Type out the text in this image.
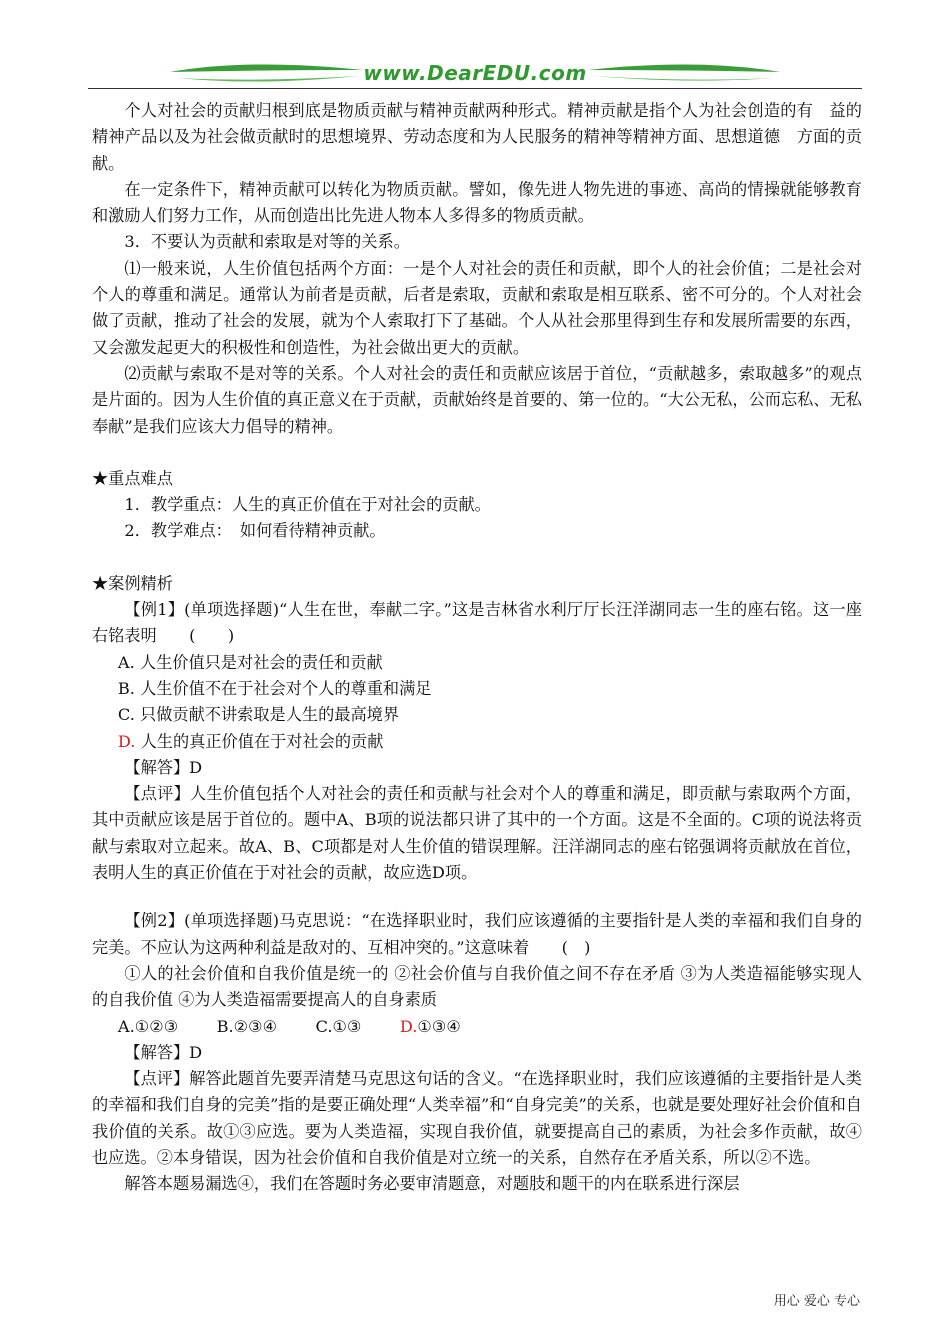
www.DearEDU.com

个人对社会的贡献归根到底是物质贡献与精神贡献两种形式。精神贡献是指个人为社会创造的有　益的精神产品以及为社会做贡献时的思想境界、劳动态度和为人民服务的精神等精神方面、思想道德　方面的贡献。

在一定条件下，精神贡献可以转化为物质贡献。譬如，像先进人物先进的事迹、高尚的情操就能够教育和激励人们努力工作，从而创造出比先进人物本人多得多的物质贡献。

3．不要认为贡献和索取是对等的关系。

⑴一般来说，人生价值包括两个方面：一是个人对社会的责任和贡献，即个人的社会价值；二是社会对个人的尊重和满足。通常认为前者是贡献，后者是索取，贡献和索取是相互联系、密不可分的。个人对社会做了贡献，推动了社会的发展，就为个人索取打下了基础。个人从社会那里得到生存和发展所需要的东西，又会激发起更大的积极性和创造性，为社会做出更大的贡献。

⑵贡献与索取不是对等的关系。个人对社会的责任和贡献应该居于首位，“贡献越多，索取越多”的观点是片面的。因为人生价值的真正意义在于贡献，贡献始终是首要的、第一位的。“大公无私，公而忘私、无私奉献”是我们应该大力倡导的精神。

★重点难点

1．教学重点：人生的真正价值在于对社会的贡献。

2．教学难点：　如何看待精神贡献。

★案例精析

【例1】(单项选择题)“人生在世，奉献二字。”这是吉林省水利厅厅长汪洋湖同志一生的座右铭。这一座右铭表明　　(　　)

A. 人生价值只是对社会的责任和贡献

B. 人生价值不在于社会对个人的尊重和满足

C. 只做贡献不讲索取是人生的最高境界

D. 人生的真正价值在于对社会的贡献

【解答】D

【点评】人生价值包括个人对社会的责任和贡献与社会对个人的尊重和满足，即贡献与索取两个方面，其中贡献应该是居于首位的。题中A、B项的说法都只讲了其中的一个方面。这是不全面的。C项的说法将贡献与索取对立起来。故A、B、C项都是对人生价值的错误理解。汪洋湖同志的座右铭强调将贡献放在首位，表明人生的真正价值在于对社会的贡献，故应选D项。

【例2】(单项选择题)马克思说：“在选择职业时，我们应该遵循的主要指针是人类的幸福和我们自身的完美。不应认为这两种利益是敌对的、互相冲突的。”这意味着　　(　)

①人的社会价值和自我价值是统一的 ②社会价值与自我价值之间不存在矛盾 ③为人类造福能够实现人的自我价值 ④为人类造福需要提高人的自身素质

A.①②③ B.②③④ C.①③ D.①③④

【解答】D

【点评】解答此题首先要弄清楚马克思这句话的含义。“在选择职业时，我们应该遵循的主要指针是人类的幸福和我们自身的完美”指的是要正确处理“人类幸福”和“自身完美”的关系，也就是要处理好社会价值和自我价值的关系。故①③应选。要为人类造福，实现自我价值，就要提高自己的素质，为社会多作贡献，故④也应选。②本身错误，因为社会价值和自我价值是对立统一的关系，自然存在矛盾关系，所以②不选。

解答本题易漏选④，我们在答题时务必要审清题意，对题肢和题干的内在联系进行深层

用心 爱心 专心
